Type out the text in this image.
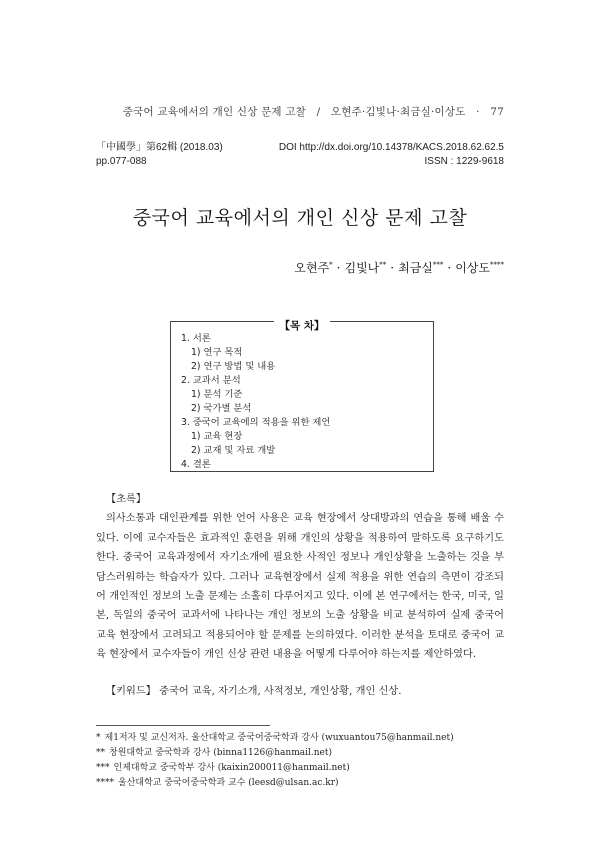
중국어 교육에서의 개인 신상 문제 고찰 / 오현주·김빛나·최금실·이상도 · 77
「中國學」第62輯 (2018.03)	DOI http://dx.doi.org/10.14378/KACS.2018.62.62.5
pp.077-088	ISSN : 1229-9618
중국어 교육에서의 개인 신상 문제 고찰
오현주* · 김빛나** · 최금실*** · 이상도****
【목 차】
1. 서론
1) 연구 목적
2) 연구 방법 및 내용
2. 교과서 분석
1) 분석 기준
2) 국가별 분석
3. 중국어 교육에의 적용을 위한 제언
1) 교육 현장
2) 교재 및 자료 개발
4. 결론
【초록】
의사소통과 대인관계를 위한 언어 사용은 교육 현장에서 상대방과의 연습을 통해 배울 수 있다. 이에 교수자들은 효과적인 훈련을 위해 개인의 상황을 적용하여 말하도록 요구하기도 한다. 중국어 교육과정에서 자기소개에 필요한 사적인 정보나 개인상황을 노출하는 것을 부담스러워하는 학습자가 있다. 그러나 교육현장에서 실제 적용을 위한 연습의 측면이 강조되어 개인적인 정보의 노출 문제는 소홀히 다루어지고 있다. 이에 본 연구에서는 한국, 미국, 일본, 독일의 중국어 교과서에 나타나는 개인 정보의 노출 상황을 비교 분석하여 실제 중국어 교육 현장에서 고려되고 적용되어야 할 문제를 논의하였다. 이러한 분석을 토대로 중국어 교육 현장에서 교수자들이 개인 신상 관련 내용을 어떻게 다루어야 하는지를 제안하였다.
【키워드】 중국어 교육, 자기소개, 사적정보, 개인상황, 개인 신상.
* 제1저자 및 교신저자. 울산대학교 중국어중국학과 강사 (wuxuantou75@hanmail.net)
** 창원대학교 중국학과 강사 (binna1126@hanmail.net)
*** 인제대학교 중국학부 강사 (kaixin200011@hanmail.net)
**** 울산대학교 중국어중국학과 교수 (leesd@ulsan.ac.kr)
